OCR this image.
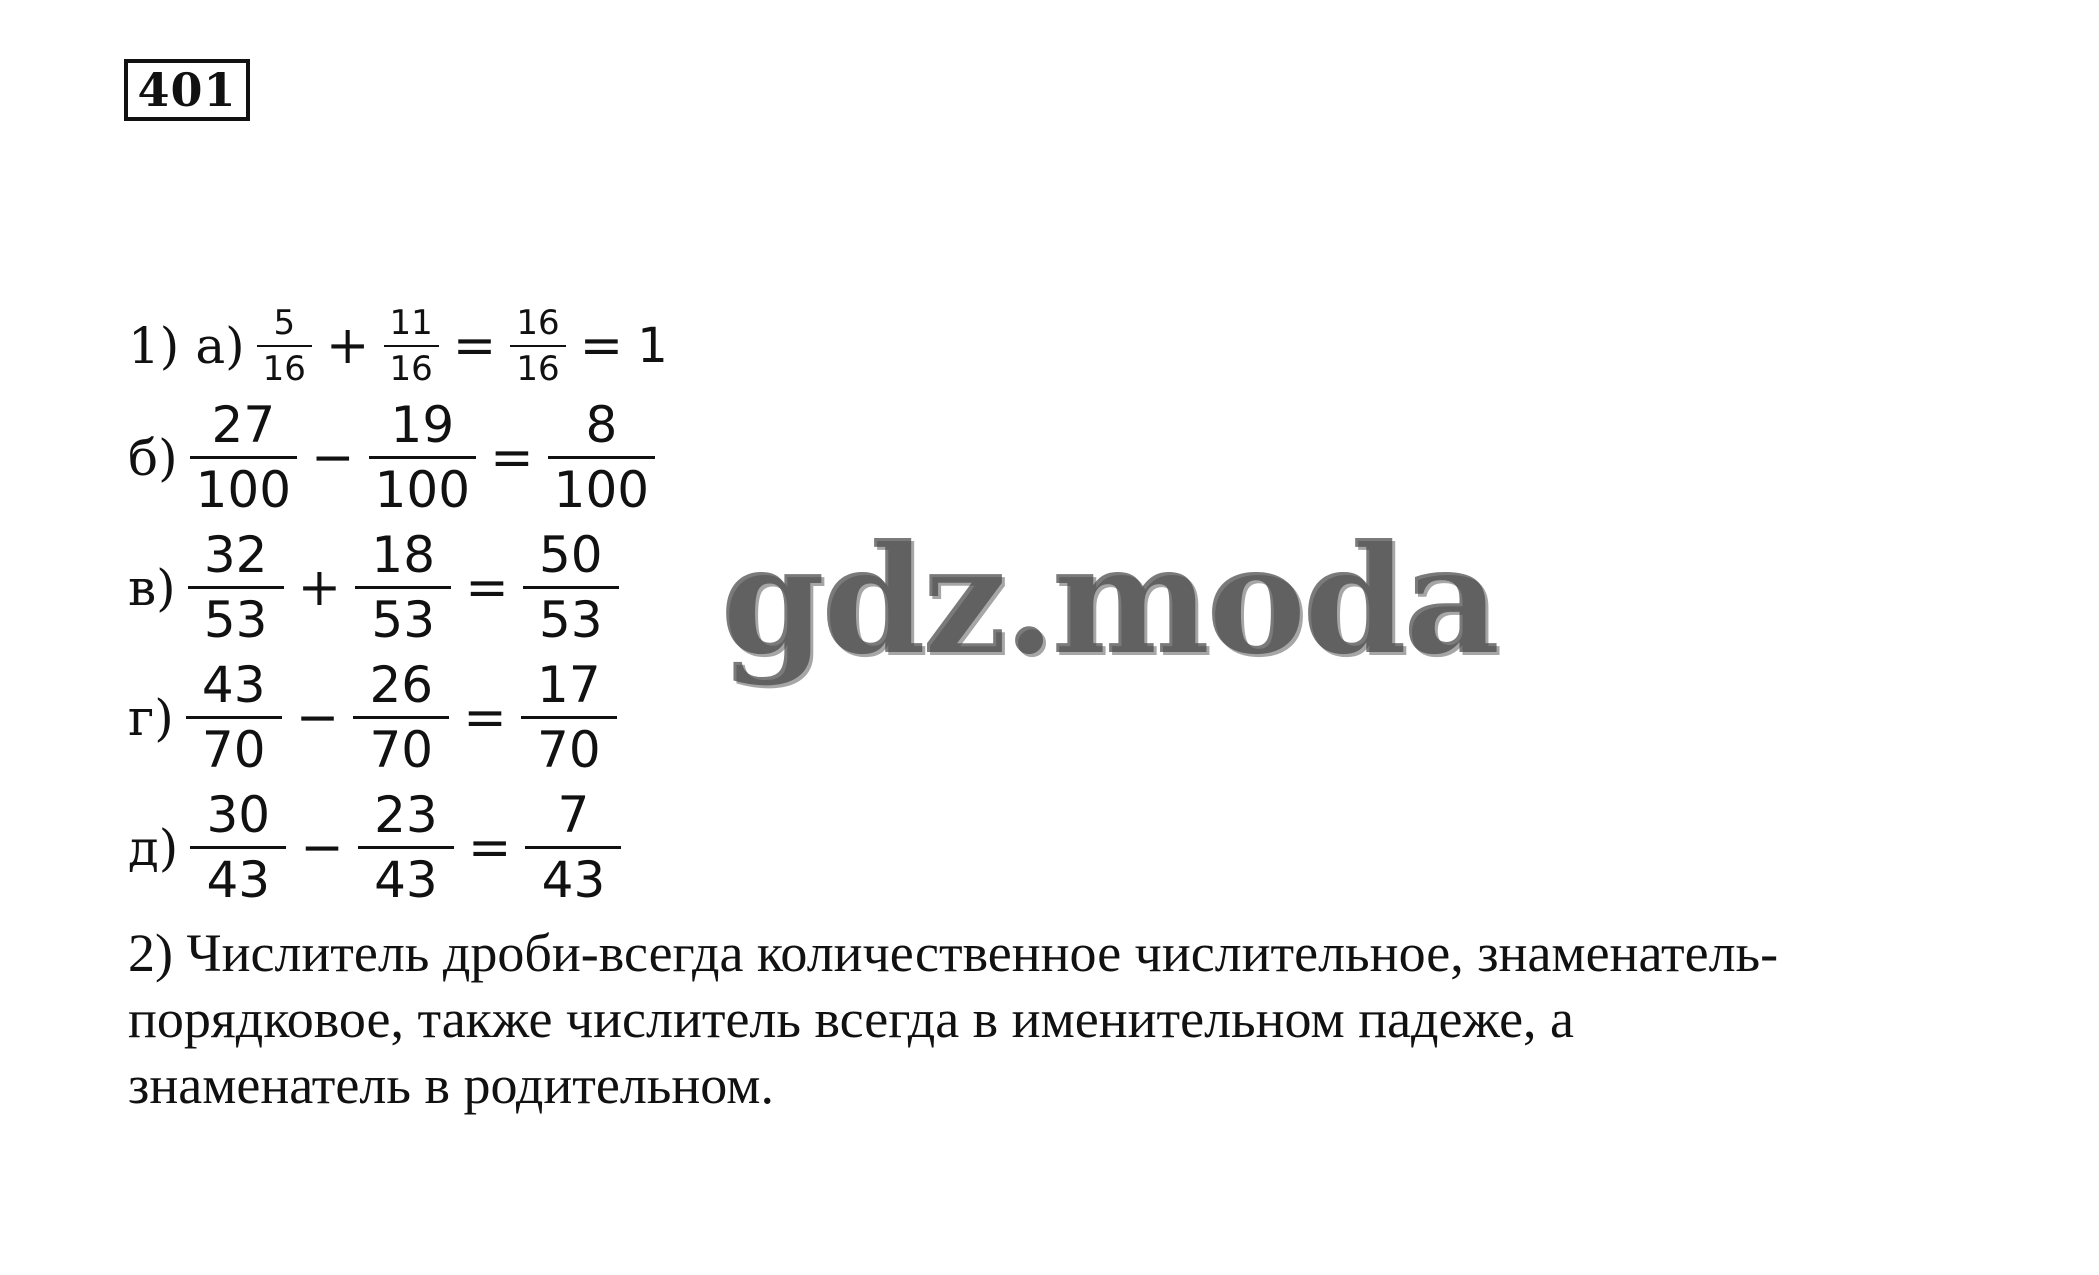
401
1) $а) \frac{5}{16} + \frac{11}{16} = \frac{16}{16} = 1$
$б) \frac{27}{100} - \frac{19}{100} = \frac{8}{100}$
$в) \frac{32}{53} + \frac{18}{53} = \frac{50}{53}$
$г) \frac{43}{70} - \frac{26}{70} = \frac{17}{70}$
$д) \frac{30}{43} - \frac{23}{43} = \frac{7}{43}$
2) Числитель дроби-всегда количественное числительное, знаменатель-
порядковое, также числитель всегда в именительном падеже, а
знаменатель в родительном.
gdz.moda
